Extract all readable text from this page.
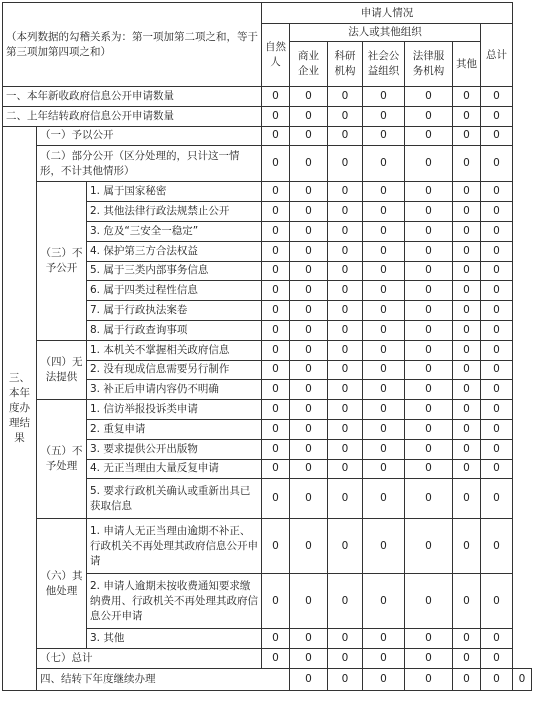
（本列数据的勾稽关系为：第一项加第二项之和，等于第三项加第四项之和）			申请人情况							
			自然人	法人或其他组织					总计	
				商业企业	科研机构	社会公益组织	法律服务机构	其他		
一、本年新收政府信息公开申请数量			0	0	0	0	0	0	0	
二、上年结转政府信息公开申请数量			0	0	0	0	0	0	0	
三、本年度办理结果	（一）予以公开		0	0	0	0	0	0	0	
	（二）部分公开（区分处理的，只计这一情形，不计其他情形）		0	0	0	0	0	0	0	
	（三）不予公开	1. 属于国家秘密	0	0	0	0	0	0	0	
		2. 其他法律行政法规禁止公开	0	0	0	0	0	0	0	
		3. 危及“三安全一稳定”	0	0	0	0	0	0	0	
		4. 保护第三方合法权益	0	0	0	0	0	0	0	
		5. 属于三类内部事务信息	0	0	0	0	0	0	0	
		6. 属于四类过程性信息	0	0	0	0	0	0	0	
		7. 属于行政执法案卷	0	0	0	0	0	0	0	
		8. 属于行政查询事项	0	0	0	0	0	0	0	
	（四）无法提供	1. 本机关不掌握相关政府信息	0	0	0	0	0	0	0	
		2. 没有现成信息需要另行制作	0	0	0	0	0	0	0	
		3. 补正后申请内容仍不明确	0	0	0	0	0	0	0	
	（五）不予处理	1. 信访举报投诉类申请	0	0	0	0	0	0	0	
		2. 重复申请	0	0	0	0	0	0	0	
		3. 要求提供公开出版物	0	0	0	0	0	0	0	
		4. 无正当理由大量反复申请	0	0	0	0	0	0	0	
		5. 要求行政机关确认或重新出具已获取信息	0	0	0	0	0	0	0	
	（六）其他处理	1. 申请人无正当理由逾期不补正、行政机关不再处理其政府信息公开申请	0	0	0	0	0	0	0	
		2. 申请人逾期未按收费通知要求缴纳费用、行政机关不再处理其政府信息公开申请	0	0	0	0	0	0	0	
		3. 其他	0	0	0	0	0	0	0	
	（七）总计		0	0	0	0	0	0	0	
	四、结转下年度继续办理			0	0	0	0	0	0	0
